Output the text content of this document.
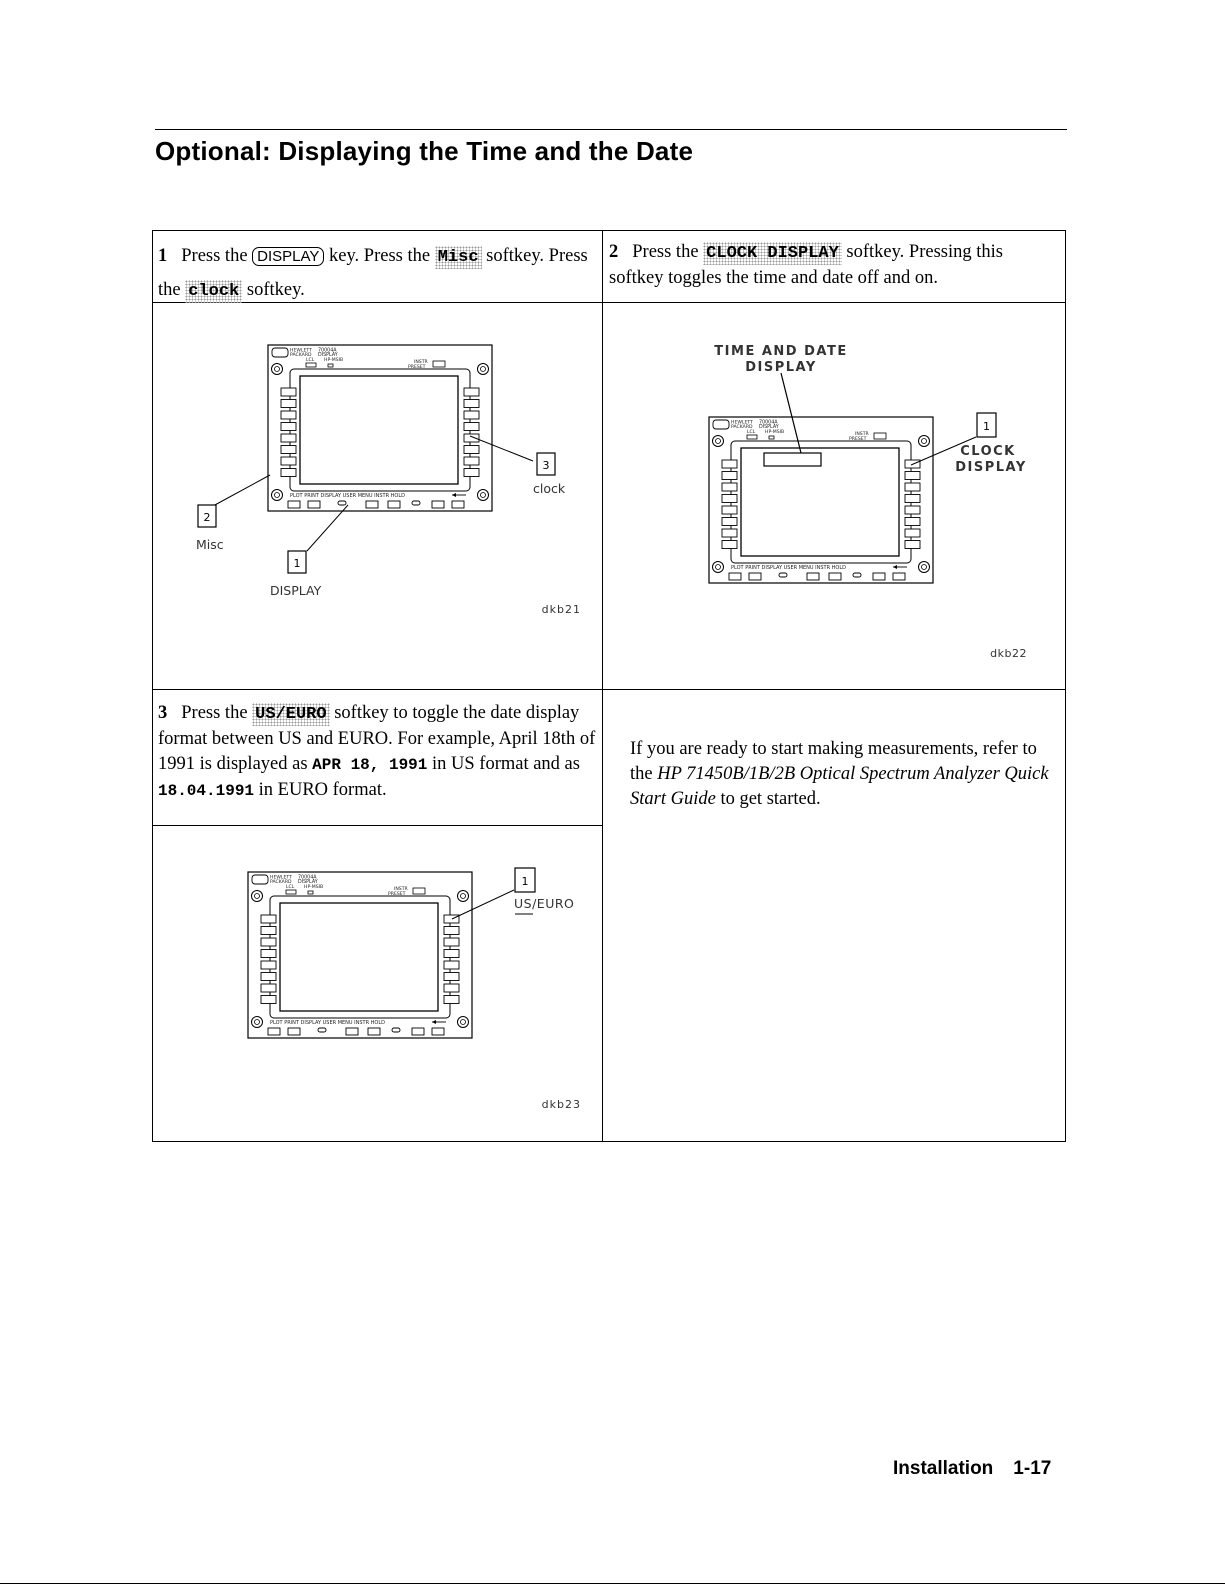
Optional: Displaying the Time and the Date
1 Press the DISPLAY key. Press the Misc softkey. Press the clock softkey.
2 Press the CLOCK DISPLAY softkey. Pressing this softkey toggles the time and date off and on.
3 Press the US/EURO softkey to toggle the date display format between US and EURO. For example, April 18th of 1991 is displayed as APR 18, 1991 in US format and as 18.04.1991 in EURO format.
If you are ready to start making measurements, refer to the HP 71450B/1B/2B Optical Spectrum Analyzer Quick Start Guide to get started.
HEWLETT
PACKARD
70004A
DISPLAY
LCL HP-MSIB	INSTR
PRESET
PLOT PRINT DISPLAY USER MENU INSTR HOLD
2
1
3
Misc
DISPLAY
clock
dkb21
HEWLETT
PACKARD
70004A
DISPLAY
LCL HP-MSIB	INSTR
PRESET
PLOT PRINT DISPLAY USER MENU INSTR HOLD
1
TIME AND DATE
DISPLAY
CLOCK
DISPLAY
dkb22
HEWLETT
PACKARD
70004A
DISPLAY
LCL HP-MSIB	INSTR
PRESET
PLOT PRINT DISPLAY USER MENU INSTR HOLD
1
US/EURO
dkb23
Installation 1-17
